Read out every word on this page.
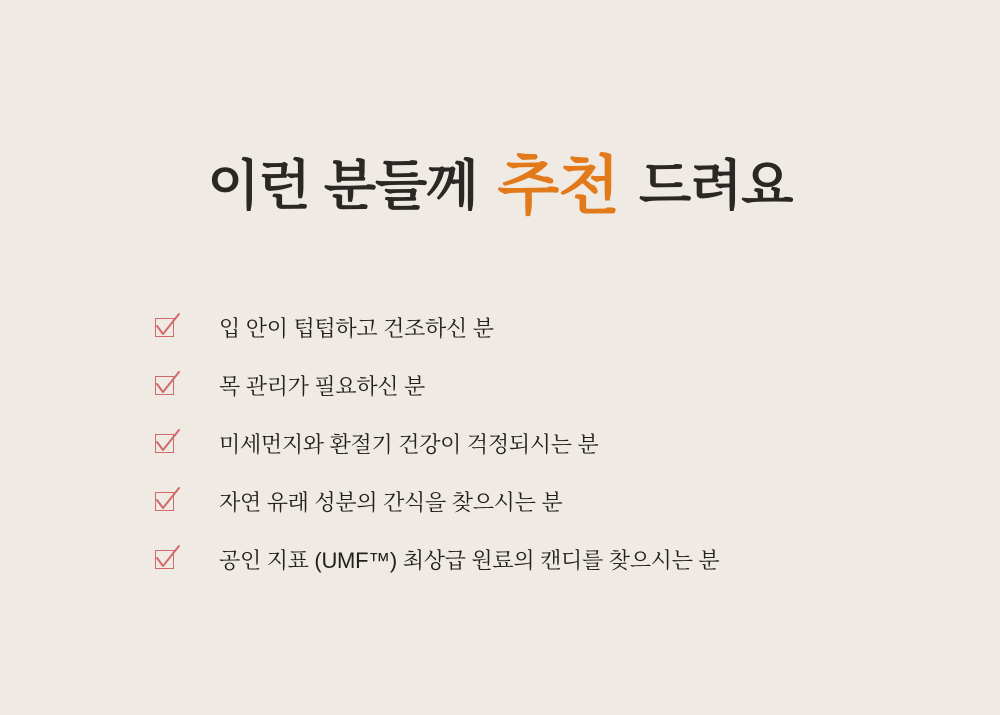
이런 분들께 추천 드려요
입 안이 텁텁하고 건조하신 분
목 관리가 필요하신 분
미세먼지와 환절기 건강이 걱정되시는 분
자연 유래 성분의 간식을 찾으시는 분
공인 지표 (UMF™) 최상급 원료의 캔디를 찾으시는 분
